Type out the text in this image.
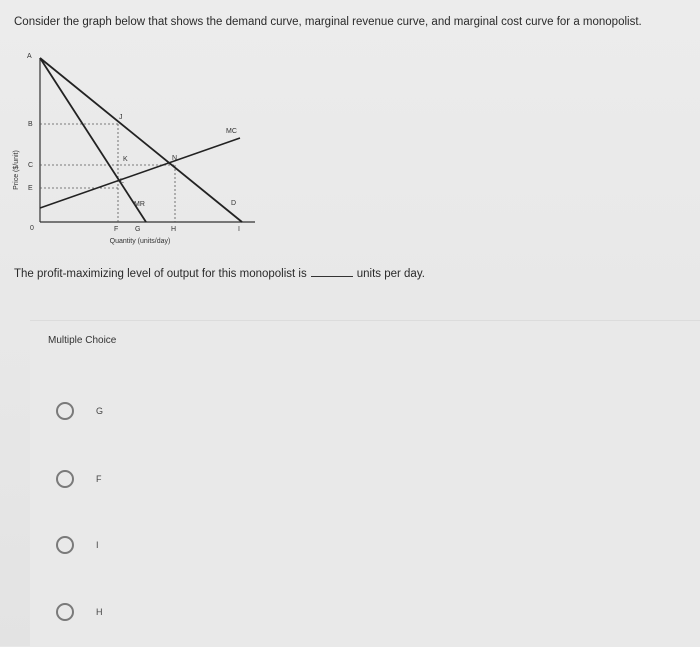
Consider the graph below that shows the demand curve, marginal revenue curve, and marginal cost curve for a monopolist.
Price ($/unit)
Quantity (units/day)
0
A
B
C
E
F G	H	I
MC
MR	D
J
K
L
N
The profit-maximizing level of output for this monopolist is	units per day.
Multiple Choice
G
F
I
H
